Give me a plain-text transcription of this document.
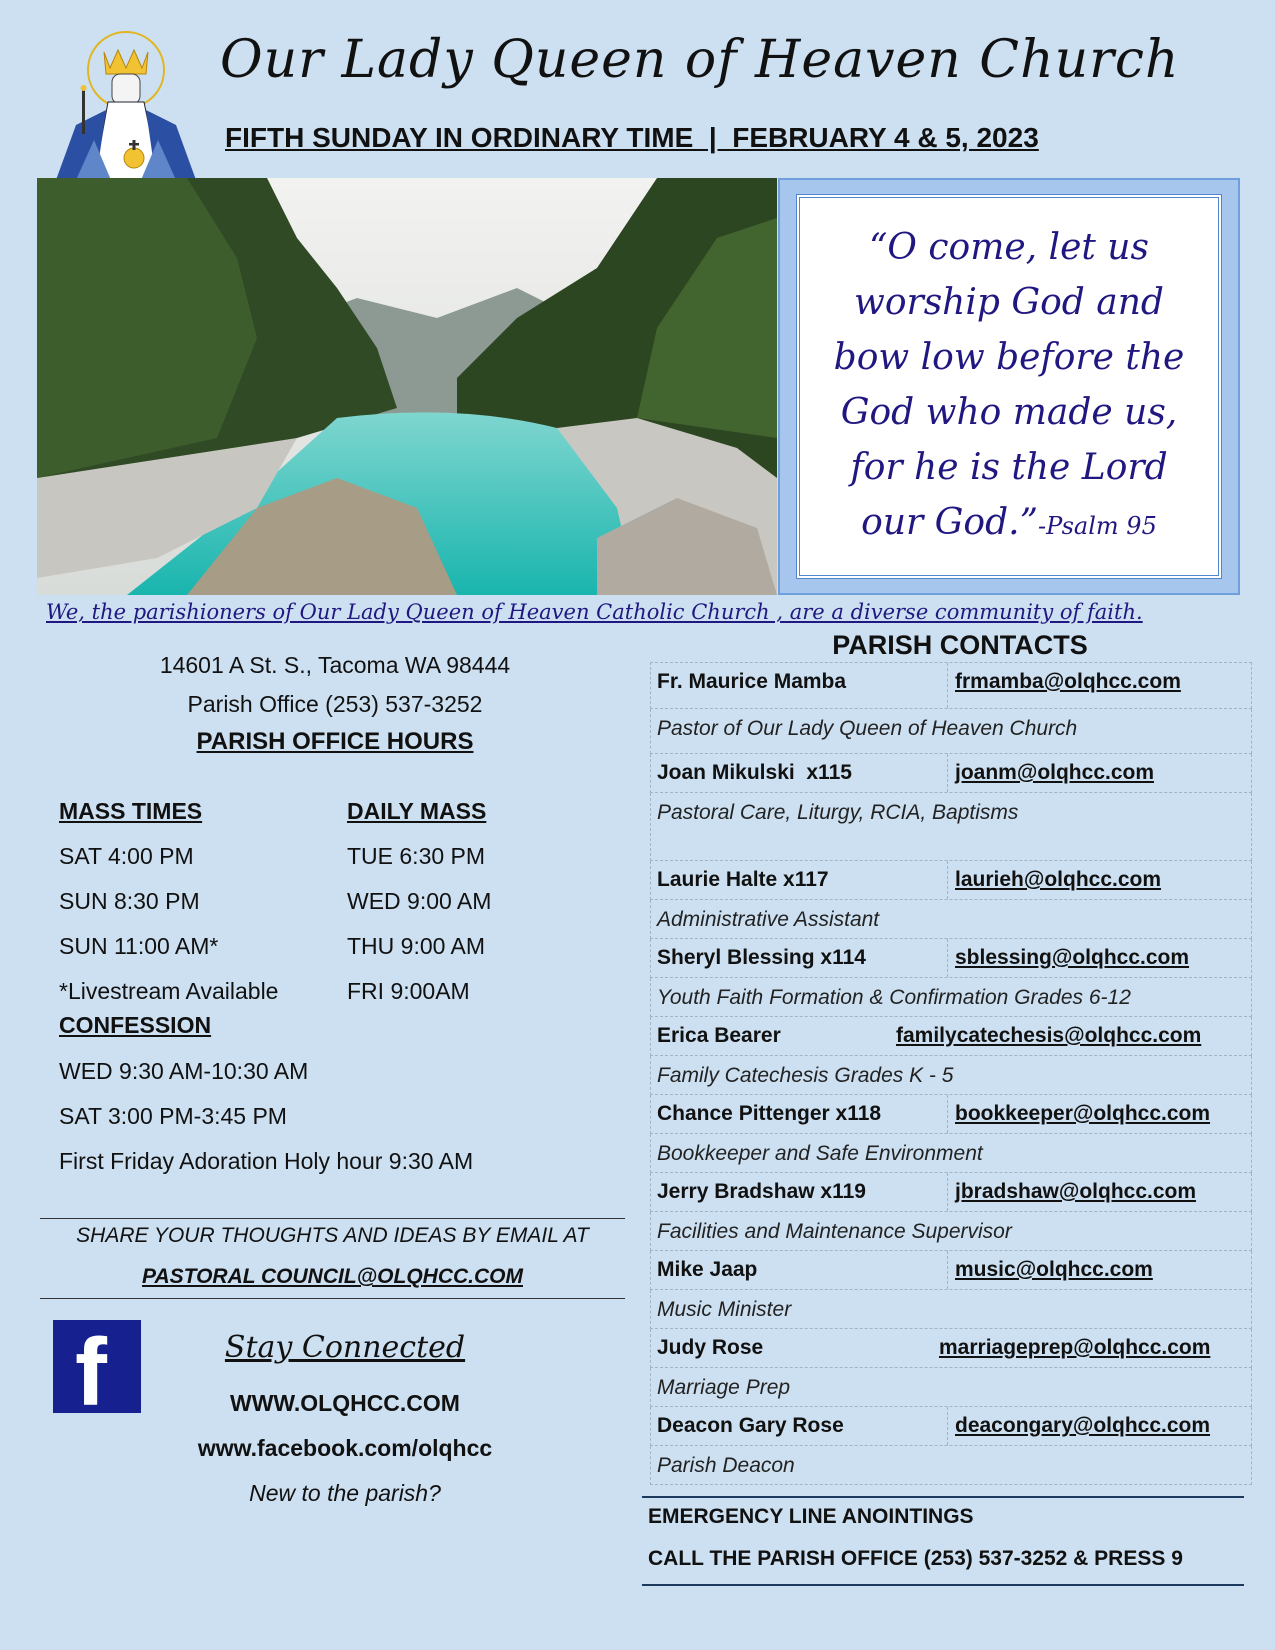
Our Lady Queen of Heaven Church
FIFTH SUNDAY IN ORDINARY TIME  |  FEBRUARY 4 & 5, 2023
“O come, let us
worship God and
bow low before the
God who made us,
for he is the Lord
our God.”-Psalm 95
We, the parishioners of Our Lady Queen of Heaven Catholic Church , are a diverse community of faith.
14601 A St. S., Tacoma WA 98444
Parish Office (253) 537-3252
PARISH OFFICE HOURS
MASS TIMES
SAT 4:00 PM
SUN 8:30 PM
SUN 11:00 AM*
*Livestream Available
DAILY MASS
TUE 6:30 PM
WED 9:00 AM
THU 9:00 AM
FRI 9:00AM
CONFESSION
WED 9:30 AM-10:30 AM
SAT 3:00 PM-3:45 PM
First Friday Adoration Holy hour 9:30 AM
SHARE YOUR THOUGHTS AND IDEAS BY EMAIL AT
PASTORAL COUNCIL@OLQHCC.COM
f	Stay Connected
WWW.OLQHCC.COM
www.facebook.com/olqhcc
New to the parish?
PARISH CONTACTS
Fr. Maurice Mamba	frmamba@olqhcc.com
Pastor of Our Lady Queen of Heaven Church
Joan Mikulski  x115	joanm@olqhcc.com
Pastoral Care, Liturgy, RCIA, Baptisms
Laurie Halte x117	laurieh@olqhcc.com
Administrative Assistant
Sheryl Blessing x114	sblessing@olqhcc.com
Youth Faith Formation & Confirmation Grades 6-12
Erica Bearer	familycatechesis@olqhcc.com
Family Catechesis Grades K - 5
Chance Pittenger x118	bookkeeper@olqhcc.com
Bookkeeper and Safe Environment
Jerry Bradshaw x119	jbradshaw@olqhcc.com
Facilities and Maintenance Supervisor
Mike Jaap	music@olqhcc.com
Music Minister
Judy Rose	marriageprep@olqhcc.com
Marriage Prep
Deacon Gary Rose	deacongary@olqhcc.com
Parish Deacon
EMERGENCY LINE ANOINTINGS
CALL THE PARISH OFFICE (253) 537-3252 & PRESS 9
